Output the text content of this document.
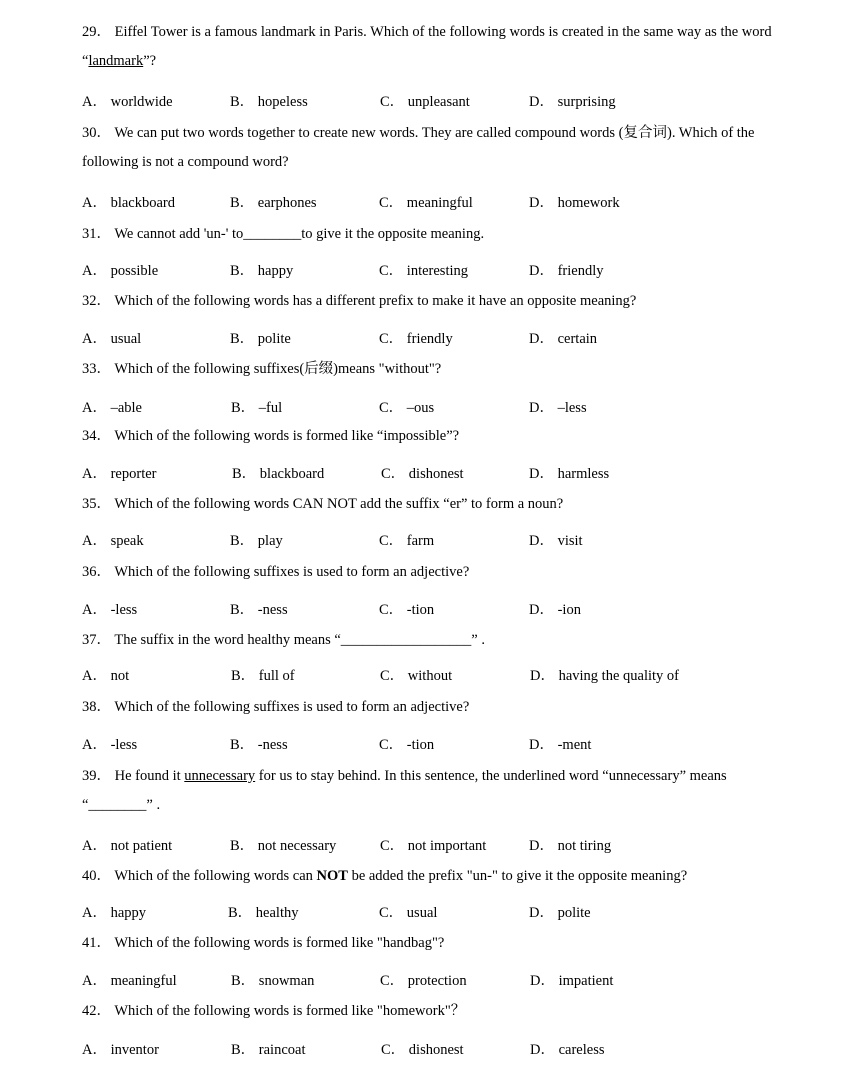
29． Eiffel Tower is a famous landmark in Paris. Which of the following words is created in the same way as the word “landmark”?
A． worldwide	B． hopeless	C． unpleasant	D． surprising
30． We can put two words together to create new words. They are called compound words (复合词). Which of the following is not a compound word?
A． blackboard	B． earphones	C． meaningful	D． homework
31． We cannot add 'un-' to________to give it the opposite meaning.
A． possible	B． happy	C． interesting	D． friendly
32． Which of the following words has a different prefix to make it have an opposite meaning?
A． usual	B． polite	C． friendly	D． certain
33． Which of the following suffixes(后缀)means "without"?
A． –able	B． –ful	C． –ous	D． –less
34． Which of the following words is formed like “impossible”?
A． reporter	B． blackboard	C． dishonest	D． harmless
35． Which of the following words CAN NOT add the suffix “er” to form a noun?
A． speak	B． play	C． farm	D． visit
36． Which of the following suffixes is used to form an adjective?
A． -less	B． -ness	C． -tion	D． -ion
37． The suffix in the word healthy means “__________________” .
A． not	B． full of	C． without	D． having the quality of
38． Which of the following suffixes is used to form an adjective?
A． -less	B． -ness	C． -tion	D． -ment
39． He found it unnecessary for us to stay behind. In this sentence, the underlined word “unnecessary” means “________” .
A． not patient	B． not necessary	C． not important	D． not tiring
40． Which of the following words can NOT be added the prefix "un-" to give it the opposite meaning?
A． happy	B． healthy	C． usual	D． polite
41． Which of the following words is formed like "handbag"?
A． meaningful	B． snowman	C． protection	D． impatient
42． Which of the following words is formed like "homework"？
A． inventor	B． raincoat	C． dishonest	D． careless
